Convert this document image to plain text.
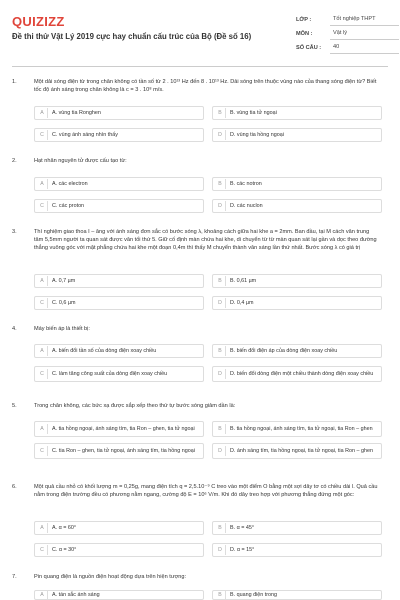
QUIZIZZ
Đề thi thử Vật Lý 2019 cực hay chuẩn cấu trúc của Bộ (Đề số 16)
LỚP :	Tốt nghiệp THPT
MÔN :	Vật lý
SỐ CÂU :	40
1.	Một dải sóng điện từ trong chân không có tần số từ 2 . 10¹³ Hz đến 8 . 10¹³ Hz. Dải sóng trên thuộc vùng nào của thang sóng điện từ? Biết tốc độ ánh sáng trong chân không là c = 3 . 10⁸ m/s.
A	A. vùng tia Ronghen	B	B. vùng tia tử ngoại
C	C. vùng ánh sáng nhìn thấy	D	D. vùng tia hồng ngoại
2.	Hạt nhân nguyên tử được cấu tạo từ:
A	A. các electron	B	B. các notron
C	C. các proton	D	D. các nuclon
3.	Thí nghiệm giao thoa I – âng với ánh sáng đơn sắc có bước sóng λ, khoảng cách giữa hai khe a = 2mm. Ban đầu, tại M cách vân trung tâm 5,5mm người ta quan sát được vân tối thứ 5. Giữ cố định màn chứa hai khe, di chuyển từ từ màn quan sát lại gần và dọc theo đường thẳng vuông góc với mặt phẳng chứa hai khe một đoạn 0,4m thì thấy M chuyển thành vân sáng lần thứ nhất. Bước sóng λ có giá trị
A	A. 0,7 µm	B	B. 0,61 µm
C	C. 0,6 µm	D	D. 0,4 µm
4.	Máy biến áp là thiết bị:
A	A. biến đổi tần số của dòng điện xoay chiều	B	B. biến đổi điện áp của dòng điện xoay chiều
C	C. làm tăng công suất của dòng điện xoay chiều	D	D. biến đổi dòng điện một chiều thành dòng điện xoay chiều
5.	Trong chân không, các bức xạ được sắp xếp theo thứ tự bước sóng giảm dần là:
A	A. tia hồng ngoại, ánh sáng tím, tia Ron – ghen, tia tử ngoại	B	B. tia hồng ngoại, ánh sáng tím, tia tử ngoại, tia Ron – ghen
C	C. tia Ron – ghen, tia tử ngoại, ánh sáng tím, tia hồng ngoại	D	D. ánh sáng tím, tia hồng ngoại, tia tử ngoại, tia Ron – ghen
6.	Một quả cầu nhỏ có khối lượng m = 0,25g, mang điện tích q = 2,5.10⁻⁹ C treo vào một điểm O bằng một sợi dây tơ có chiều dài l. Quả cầu nằm trong điện trường đều có phương nằm ngang, cường độ E = 10⁶ V/m. Khi đó dây treo hợp với phương thẳng đứng một góc:
A	A. α = 60°	B	B. α = 45°
C	C. α = 30°	D	D. α = 15°
7.	Pin quang điện là nguồn điện hoạt động dựa trên hiện tượng:
A	A. tán sắc ánh sáng	B	B. quang điện trong
